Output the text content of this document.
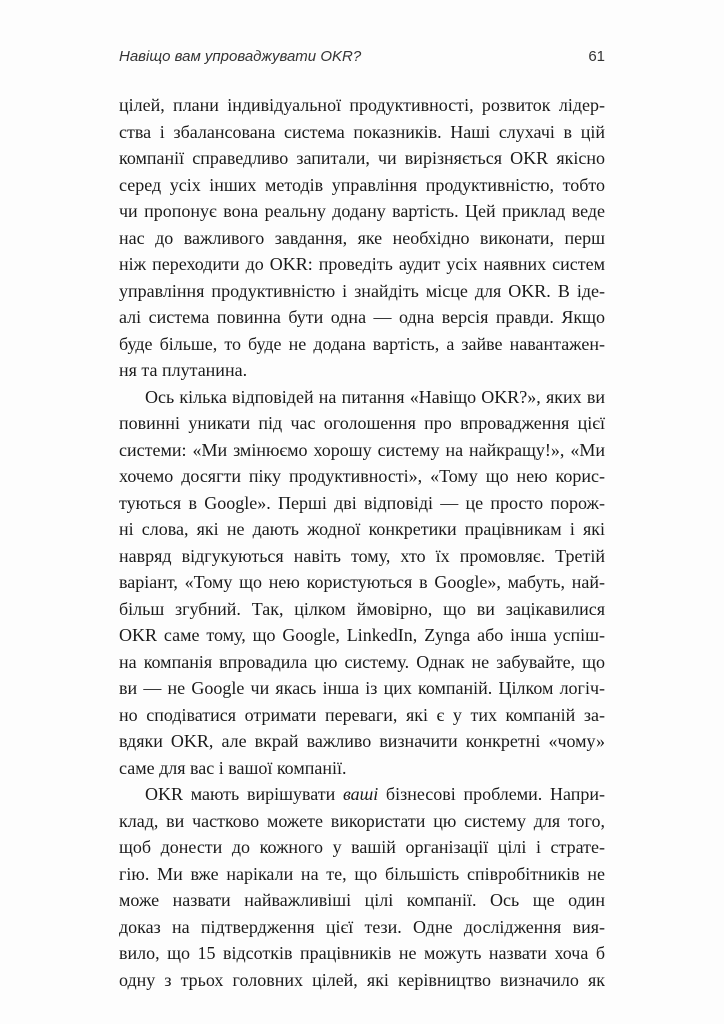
Навіщо вам упроваджувати OKR?	61
цілей, плани індивідуальної продуктивності, розвиток лідер-
ства і збалансована система показників. Наші слухачі в цій
компанії справедливо запитали, чи вирізняється OKR якісно
серед усіх інших методів управління продуктивністю, тобто
чи пропонує вона реальну додану вартість. Цей приклад веде
нас до важливого завдання, яке необхідно виконати, перш
ніж переходити до OKR: проведіть аудит усіх наявних систем
управління продуктивністю і знайдіть місце для OKR. В іде-
алі система повинна бути одна — одна версія правди. Якщо
буде більше, то буде не додана вартість, а зайве навантажен-
ня та плутанина.
Ось кілька відповідей на питання «Навіщо OKR?», яких ви
повинні уникати під час оголошення про впровадження цієї
системи: «Ми змінюємо хорошу систему на найкращу!», «Ми
хочемо досягти піку продуктивності», «Тому що нею корис-
туються в Google». Перші дві відповіді — це просто порож-
ні слова, які не дають жодної конкретики працівникам і які
навряд відгукуються навіть тому, хто їх промовляє. Третій
варіант, «Тому що нею користуються в Google», мабуть, най-
більш згубний. Так, цілком ймовірно, що ви зацікавилися
OKR саме тому, що Google, LinkedIn, Zynga або інша успіш-
на компанія впровадила цю систему. Однак не забувайте, що
ви — не Google чи якась інша із цих компаній. Цілком логіч-
но сподіватися отримати переваги, які є у тих компаній за-
вдяки OKR, але вкрай важливо визначити конкретні «чому»
саме для вас і вашої компанії.
OKR мають вирішувати ваші бізнесові проблеми. Напри-
клад, ви частково можете використати цю систему для того,
щоб донести до кожного у вашій організації цілі і страте-
гію. Ми вже нарікали на те, що більшість співробітників не
може назвати найважливіші цілі компанії. Ось ще один
доказ на підтвердження цієї тези. Одне дослідження вия-
вило, що 15 відсотків працівників не можуть назвати хоча б
одну з трьох головних цілей, які керівництво визначило як
